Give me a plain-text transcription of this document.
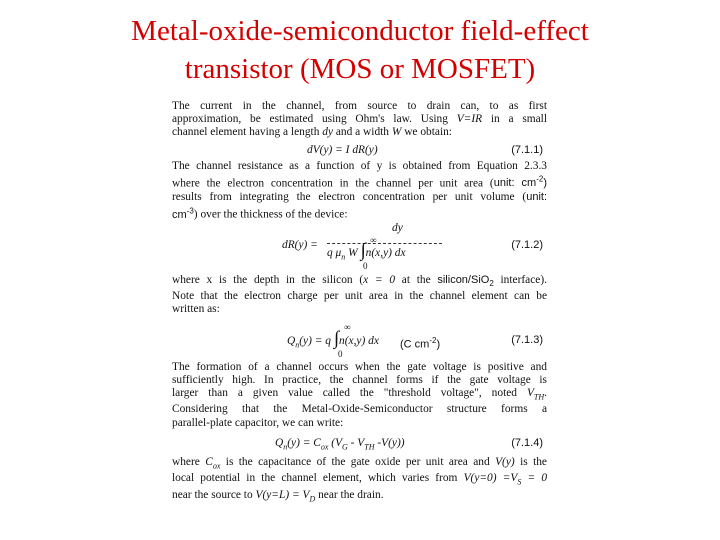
Metal-oxide-semiconductor field-effect
transistor (MOS or MOSFET)
The current in the channel, from source to drain can, to as first
approximation, be estimated using Ohm's law. Using V=IR in a small
channel element having a length dy and a width W we obtain:
dV(y) = I dR(y)	(7.1.1)
The channel resistance as a function of y is obtained from Equation 2.3.3
where the electron concentration in the channel per unit area (unit: $cm^{-2}$)
results from integrating the electron concentration per unit volume (unit:
$cm^{-3}$) over the thickness of the device:
dR(y) =
dy
∞
q $\mu_n$ W ∫n(x,y) dx
0
(7.1.2)
where x is the depth in the silicon (x = 0 at the silicon/SiO$_2$ interface).
Note that the electron charge per unit area in the channel element can be
written as:
∞
$Q_n(y) = q$ ∫n(x,y) dx (C $cm^{-2}$)
0
(7.1.3)
The formation of a channel occurs when the gate voltage is positive and
sufficiently high. In practice, the channel forms if the gate voltage is
larger than a given value called the "threshold voltage", noted $V_{TH}$.
Considering that the Metal-Oxide-Semiconductor structure forms a
parallel-plate capacitor, we can write:
$Q_n(y) = C_{ox}$ ($V_G - V_{TH}$ -V(y))	(7.1.4)
where $C_{ox}$ is the capacitance of the gate oxide per unit area and V(y) is the
local potential in the channel element, which varies from $V(y=0) =V_S = 0$
near the source to $V(y=L) = V_D$ near the drain.
